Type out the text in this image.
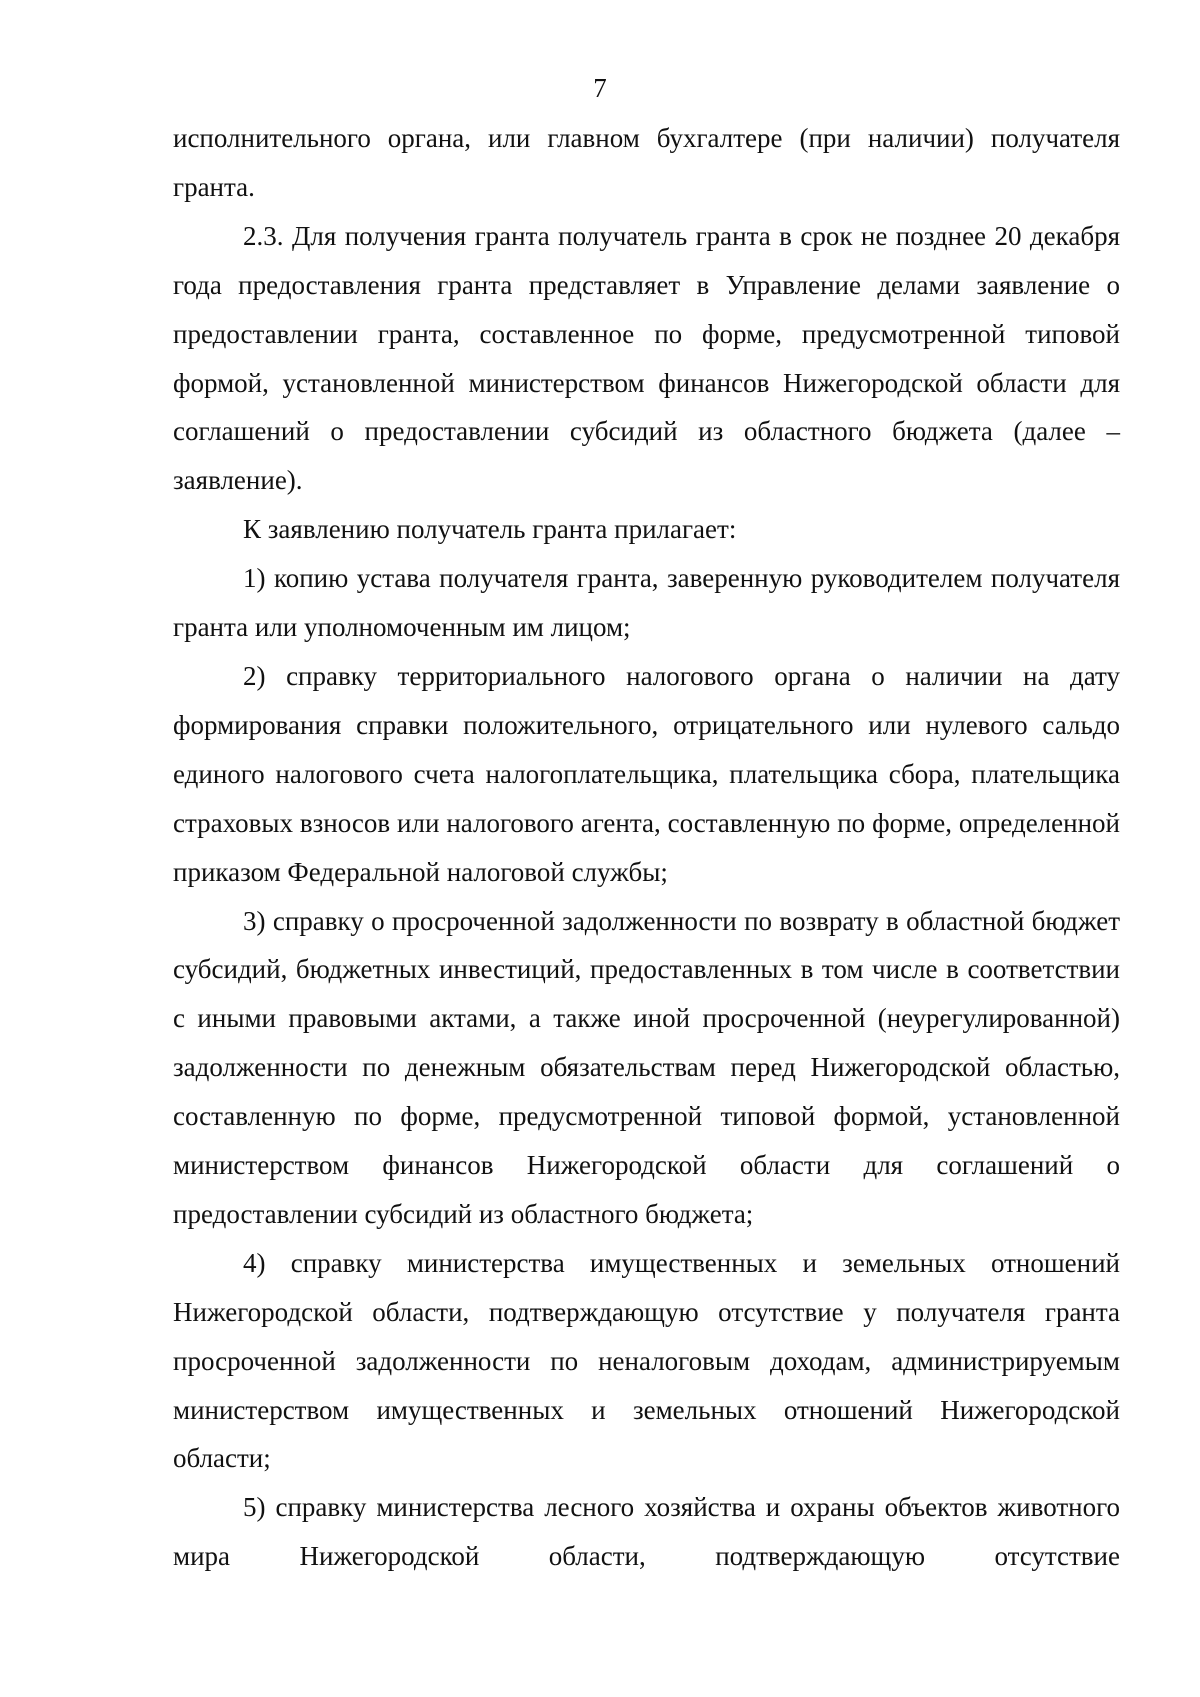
7

исполнительного органа, или главном бухгалтере (при наличии) получателя гранта.

2.3. Для получения гранта получатель гранта в срок не позднее 20 декабря года предоставления гранта представляет в Управление делами заявление о предоставлении гранта, составленное по форме, предусмотренной типовой формой, установленной министерством финансов Нижегородской области для соглашений о предоставлении субсидий из областного бюджета (далее – заявление).

К заявлению получатель гранта прилагает:

1) копию устава получателя гранта, заверенную руководителем получателя гранта или уполномоченным им лицом;

2) справку территориального налогового органа о наличии на дату формирования справки положительного, отрицательного или нулевого сальдо единого налогового счета налогоплательщика, плательщика сбора, плательщика страховых взносов или налогового агента, составленную по форме, определенной приказом Федеральной налоговой службы;

3) справку о просроченной задолженности по возврату в областной бюджет субсидий, бюджетных инвестиций, предоставленных в том числе в соответствии с иными правовыми актами, а также иной просроченной (неурегулированной) задолженности по денежным обязательствам перед Нижегородской областью, составленную по форме, предусмотренной типовой формой, установленной министерством финансов Нижегородской области для соглашений о предоставлении субсидий из областного бюджета;

4) справку министерства имущественных и земельных отношений Нижегородской области, подтверждающую отсутствие у получателя гранта просроченной задолженности по неналоговым доходам, администрируемым министерством имущественных и земельных отношений Нижегородской области;

5) справку министерства лесного хозяйства и охраны объектов животного мира Нижегородской области, подтверждающую отсутствие
